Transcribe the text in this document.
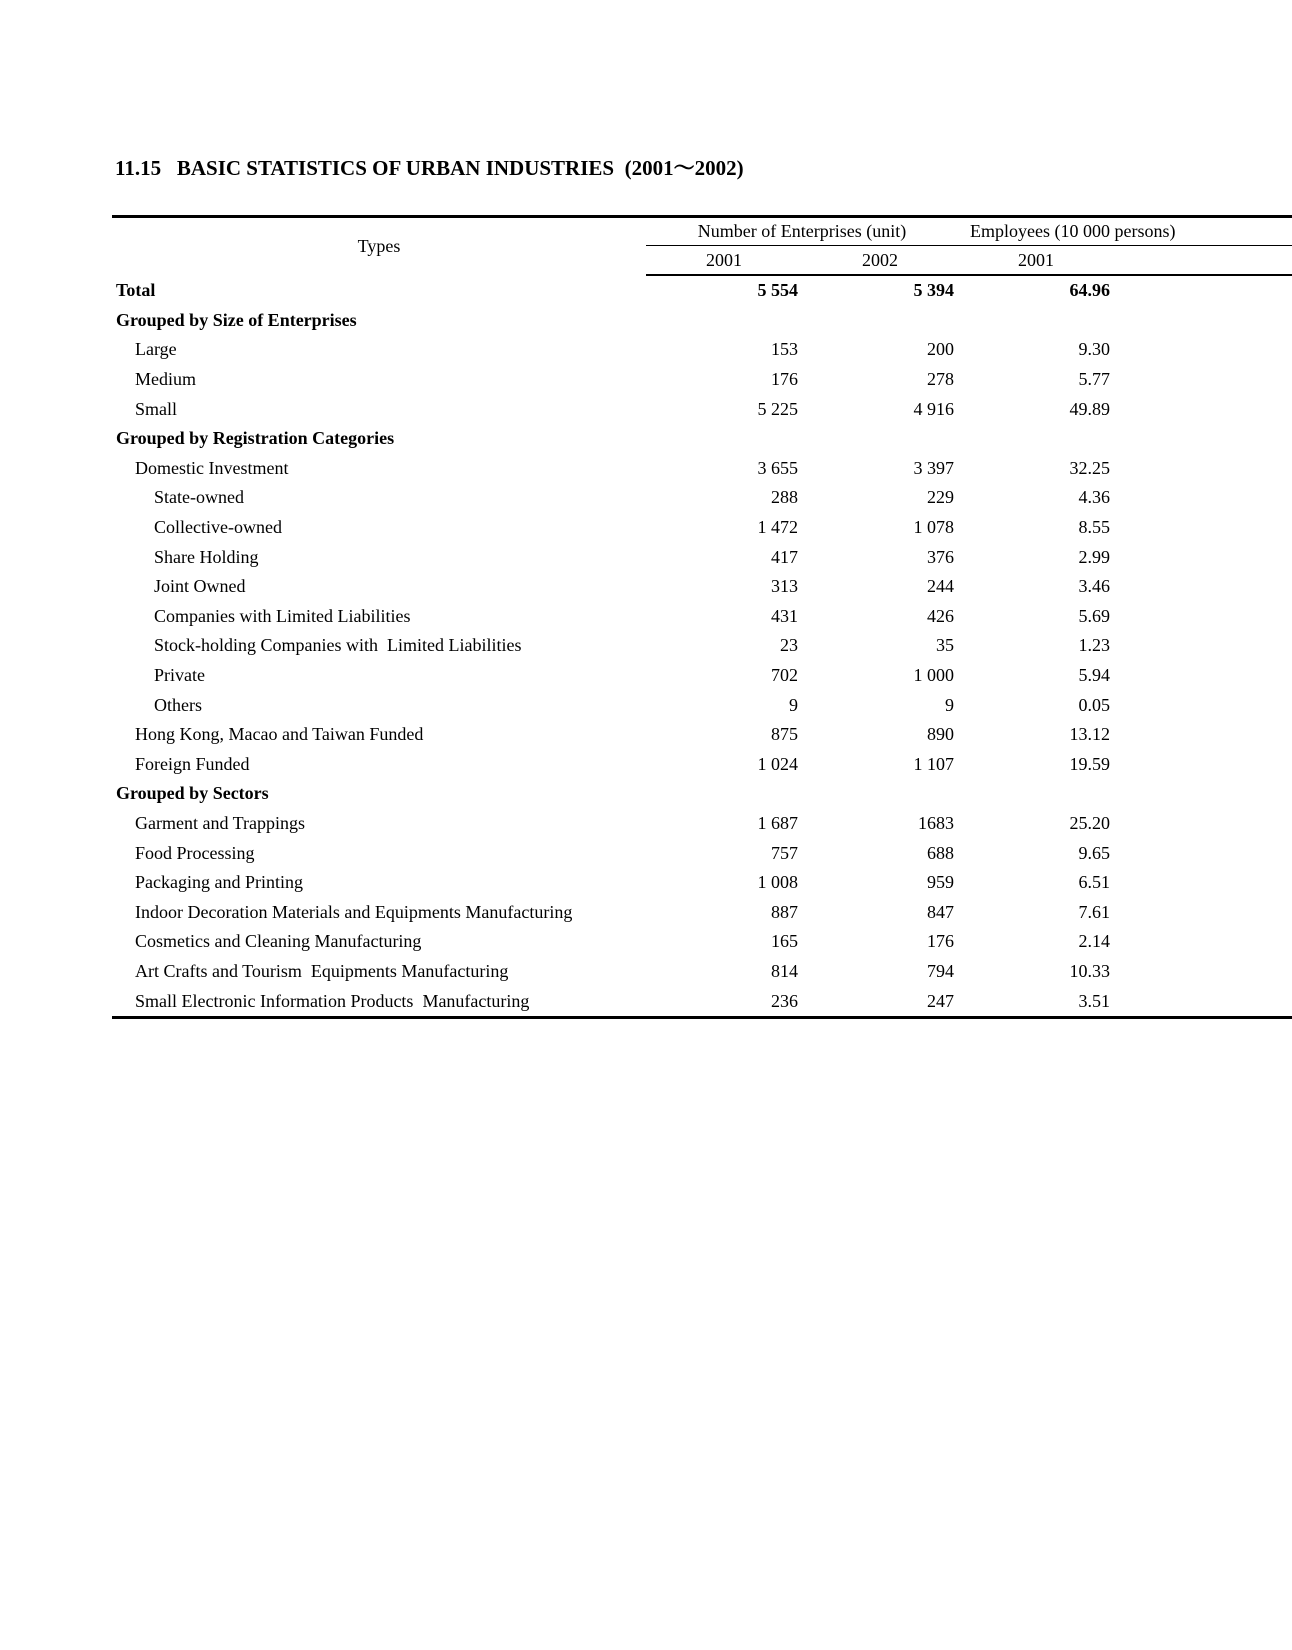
11.15   BASIC STATISTICS OF URBAN INDUSTRIES  (2001～2002)
Types	Number of Enterprises (unit)		Employees (10 000 persons)	
	2001	2002	2001	
Total	5 554	5 394	64.96	
Grouped by Size of Enterprises				
Large	153	200	9.30	
Medium	176	278	5.77	
Small	5 225	4 916	49.89	
Grouped by Registration Categories				
Domestic Investment	3 655	3 397	32.25	
State-owned	288	229	4.36	
Collective-owned	1 472	1 078	8.55	
Share Holding	417	376	2.99	
Joint Owned	313	244	3.46	
Companies with Limited Liabilities	431	426	5.69	
Stock-holding Companies with  Limited Liabilities	23	35	1.23	
Private	702	1 000	5.94	
Others	9	9	0.05	
Hong Kong, Macao and Taiwan Funded	875	890	13.12	
Foreign Funded	1 024	1 107	19.59	
Grouped by Sectors				
Garment and Trappings	1 687	1683	25.20	
Food Processing	757	688	9.65	
Packaging and Printing	1 008	959	6.51	
Indoor Decoration Materials and Equipments Manufacturing	887	847	7.61	
Cosmetics and Cleaning Manufacturing	165	176	2.14	
Art Crafts and Tourism  Equipments Manufacturing	814	794	10.33	
Small Electronic Information Products  Manufacturing	236	247	3.51	
